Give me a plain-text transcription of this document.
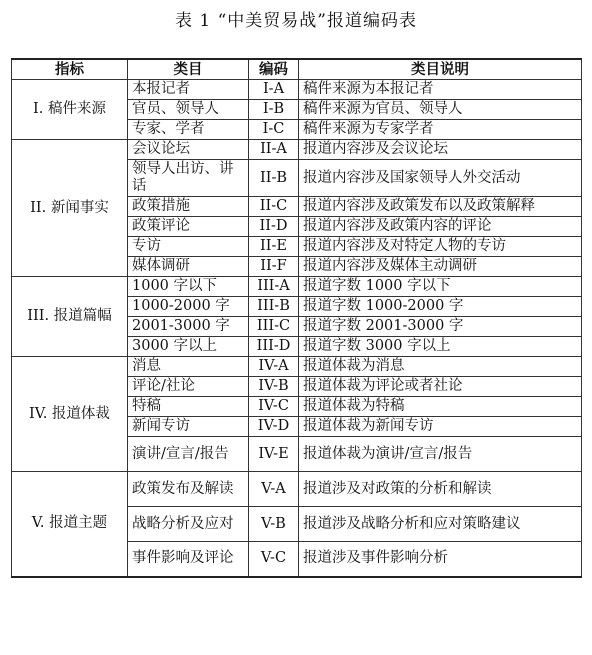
表 1 “中美贸易战”报道编码表
指标	类目	编码	类目说明
I. 稿件来源	本报记者	I-A	稿件来源为本报记者
	官员、领导人	I-B	稿件来源为官员、领导人
	专家、学者	I-C	稿件来源为专家学者
II. 新闻事实	会议论坛	II-A	报道内容涉及会议论坛
	领导人出访、讲话	II-B	报道内容涉及国家领导人外交活动
	政策措施	II-C	报道内容涉及政策发布以及政策解释
	政策评论	II-D	报道内容涉及政策内容的评论
	专访	II-E	报道内容涉及对特定人物的专访
	媒体调研	II-F	报道内容涉及媒体主动调研
III. 报道篇幅	1000 字以下	III-A	报道字数 1000 字以下
	1000-2000 字	III-B	报道字数 1000-2000 字
	2001-3000 字	III-C	报道字数 2001-3000 字
	3000 字以上	III-D	报道字数 3000 字以上
IV. 报道体裁	消息	IV-A	报道体裁为消息
	评论/社论	IV-B	报道体裁为评论或者社论
	特稿	IV-C	报道体裁为特稿
	新闻专访	IV-D	报道体裁为新闻专访
	演讲/宣言/报告	IV-E	报道体裁为演讲/宣言/报告
V. 报道主题	政策发布及解读	V-A	报道涉及对政策的分析和解读
	战略分析及应对	V-B	报道涉及战略分析和应对策略建议
	事件影响及评论	V-C	报道涉及事件影响分析
